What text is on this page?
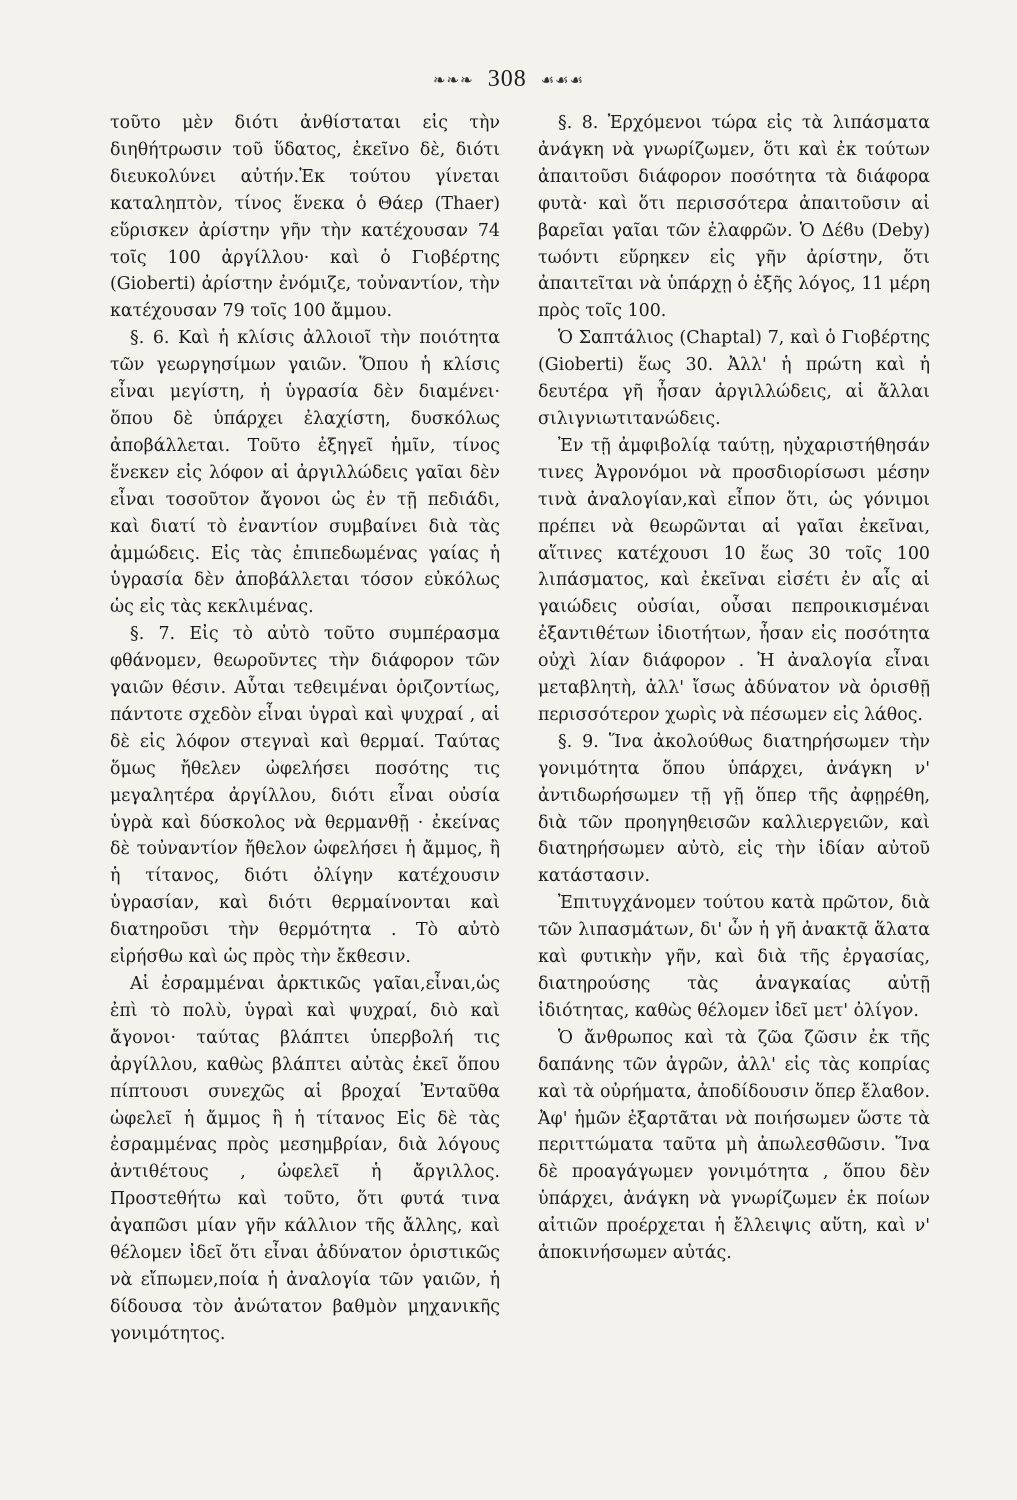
❧❧❧ 308 ☙☙☙

τοῦτο μὲν διότι ἀνθίσταται εἰς τὴν διηθήτρωσιν τοῦ ὕδατος, ἐκεῖνο δὲ, διότι διευκολύνει αὐτήν.Ἐκ τούτου γίνεται καταληπτὸν, τίνος ἕνεκα ὁ Θάερ (Thaer) εὕρισκεν ἀρίστην γῆν τὴν κατέχουσαν 74 τοῖς 100 ἀργίλλου· καὶ ὁ Γιοβέρτης (Gioberti) ἀρίστην ἐνόμιζε, τοὐναντίον, τὴν κατέχουσαν 79 τοῖς 100 ἄμμου.

§. 6. Καὶ ἡ κλίσις ἀλλοιοῖ τὴν ποιότητα τῶν γεωργησίμων γαιῶν. Ὅπου ἡ κλίσις εἶναι μεγίστη, ἡ ὑγρασία δὲν διαμένει· ὅπου δὲ ὑπάρχει ἐλαχίστη, δυσκόλως ἀποβάλλεται. Τοῦτο ἐξηγεῖ ἡμῖν, τίνος ἕνεκεν εἰς λόφον αἱ ἀργιλλώδεις γαῖαι δὲν εἶναι τοσοῦτον ἄγονοι ὡς ἐν τῇ πεδιάδι, καὶ διατί τὸ ἐναντίον συμβαίνει διὰ τὰς ἀμμώδεις. Εἰς τὰς ἐπιπεδωμένας γαίας ἡ ὑγρασία δὲν ἀποβάλλεται τόσον εὐκόλως ὡς εἰς τὰς κεκλιμένας.

§. 7. Εἰς τὸ αὐτὸ τοῦτο συμπέρασμα φθάνομεν, θεωροῦντες τὴν διάφορον τῶν γαιῶν θέσιν. Αὗται τεθειμέναι ὁριζοντίως, πάντοτε σχεδὸν εἶναι ὑγραὶ καὶ ψυχραί , αἱ δὲ εἰς λόφον στεγναὶ καὶ θερμαί. Ταύτας ὅμως ἤθελεν ὠφελήσει ποσότης τις μεγαλητέρα ἀργίλλου, διότι εἶναι οὐσία ὑγρὰ καὶ δύσκολος νὰ θερμανθῇ · ἐκείνας δὲ τοὐναντίον ἤθελον ὠφελήσει ἡ ἄμμος, ἢ ἡ τίτανος, διότι ὀλίγην κατέχουσιν ὑγρασίαν, καὶ διότι θερμαίνονται καὶ διατηροῦσι τὴν θερμότητα . Τὸ αὐτὸ εἰρήσθω καὶ ὡς πρὸς τὴν ἔκθεσιν.

Αἱ ἐσραμμέναι ἀρκτικῶς γαῖαι,εἶναι,ὡς ἐπὶ τὸ πολὺ, ὑγραὶ καὶ ψυχραί, διὸ καὶ ἄγονοι· ταύτας βλάπτει ὑπερβολή τις ἀργίλλου, καθὼς βλάπτει αὐτὰς ἐκεῖ ὅπου πίπτουσι συνεχῶς αἱ βροχαί Ἐνταῦθα ὠφελεῖ ἡ ἄμμος ἢ ἡ τίτανος Εἰς δὲ τὰς ἐσραμμένας πρὸς μεσημβρίαν, διὰ λόγους ἀντιθέτους , ὠφελεῖ ἡ ἄργιλλος. Προστεθήτω καὶ τοῦτο, ὅτι φυτά τινα ἀγαπῶσι μίαν γῆν κάλλιον τῆς ἄλλης, καὶ θέλομεν ἰδεῖ ὅτι εἶναι ἀδύνατον ὁριστικῶς νὰ εἴπωμεν,ποία ἡ ἀναλογία τῶν γαιῶν, ἡ δίδουσα τὸν ἀνώτατον βαθμὸν μηχανικῆς γονιμότητος.

§. 8. Ἐρχόμενοι τώρα εἰς τὰ λιπάσματα ἀνάγκη νὰ γνωρίζωμεν, ὅτι καὶ ἐκ τούτων ἀπαιτοῦσι διάφορον ποσότητα τὰ διάφορα φυτὰ· καὶ ὅτι περισσότερα ἀπαιτοῦσιν αἱ βαρεῖαι γαῖαι τῶν ἐλαφρῶν. Ὁ Δέϐυ (Deby) τωόντι εὕρηκεν εἰς γῆν ἀρίστην, ὅτι ἀπαιτεῖται νὰ ὑπάρχῃ ὁ ἑξῆς λόγος, 11 μέρη πρὸς τοῖς 100.

Ὁ Σαπτάλιος (Chaptal) 7, καὶ ὁ Γιοβέρτης (Gioberti) ἕως 30. Ἀλλ' ἡ πρώτη καὶ ἡ δευτέρα γῆ ἦσαν ἀργιλλώδεις, αἱ ἄλλαι σιλιγνιωτιτανώδεις.

Ἐν τῇ ἀμφιβολίᾳ ταύτῃ, ηὐχαριστήθησάν τινες Ἀγρονόμοι νὰ προσδιορίσωσι μέσην τινὰ ἀναλογίαν,καὶ εἶπον ὅτι, ὡς γόνιμοι πρέπει νὰ θεωρῶνται αἱ γαῖαι ἐκεῖναι, αἵτινες κατέχουσι 10 ἕως 30 τοῖς 100 λιπάσματος, καὶ ἐκεῖναι εἰσέτι ἐν αἷς αἱ γαιώδεις οὐσίαι, οὖσαι πεπροικισμέναι ἐξαντιθέτων ἰδιοτήτων, ἦσαν εἰς ποσότητα οὐχὶ λίαν διάφορον . Ἡ ἀναλογία εἶναι μεταβλητὴ, ἀλλ' ἴσως ἀδύνατον νὰ ὁρισθῇ περισσότερον χωρὶς νὰ πέσωμεν εἰς λάθος.

§. 9. Ἵνα ἀκολούθως διατηρήσωμεν τὴν γονιμότητα ὅπου ὑπάρχει, ἀνάγκη ν' ἀντιδωρήσωμεν τῇ γῇ ὅπερ τῆς ἀφῃρέθη, διὰ τῶν προηγηθεισῶν καλλιεργειῶν, καὶ διατηρήσωμεν αὐτὸ, εἰς τὴν ἰδίαν αὐτοῦ κατάστασιν.

Ἐπιτυγχάνομεν τούτου κατὰ πρῶτον, διὰ τῶν λιπασμάτων, δι' ὧν ἡ γῆ ἀνακτᾷ ἅλατα καὶ φυτικὴν γῆν, καὶ διὰ τῆς ἐργασίας, διατηρούσης τὰς ἀναγκαίας αὐτῇ ἰδιότητας, καθὼς θέλομεν ἰδεῖ μετ' ὀλίγον.

Ὁ ἄνθρωπος καὶ τὰ ζῶα ζῶσιν ἐκ τῆς δαπάνης τῶν ἀγρῶν, ἀλλ' εἰς τὰς κοπρίας καὶ τὰ οὐρήματα, ἀποδίδουσιν ὅπερ ἔλαϐον. Ἀφ' ἡμῶν ἐξαρτᾶται νὰ ποιήσωμεν ὥστε τὰ περιττώματα ταῦτα μὴ ἀπωλεσθῶσιν. Ἵνα δὲ προαγάγωμεν γονιμότητα , ὅπου δὲν ὑπάρχει, ἀνάγκη νὰ γνωρίζωμεν ἐκ ποίων αἰτιῶν προέρχεται ἡ ἔλλειψις αὕτη, καὶ ν' ἀποκινήσωμεν αὐτάς.
